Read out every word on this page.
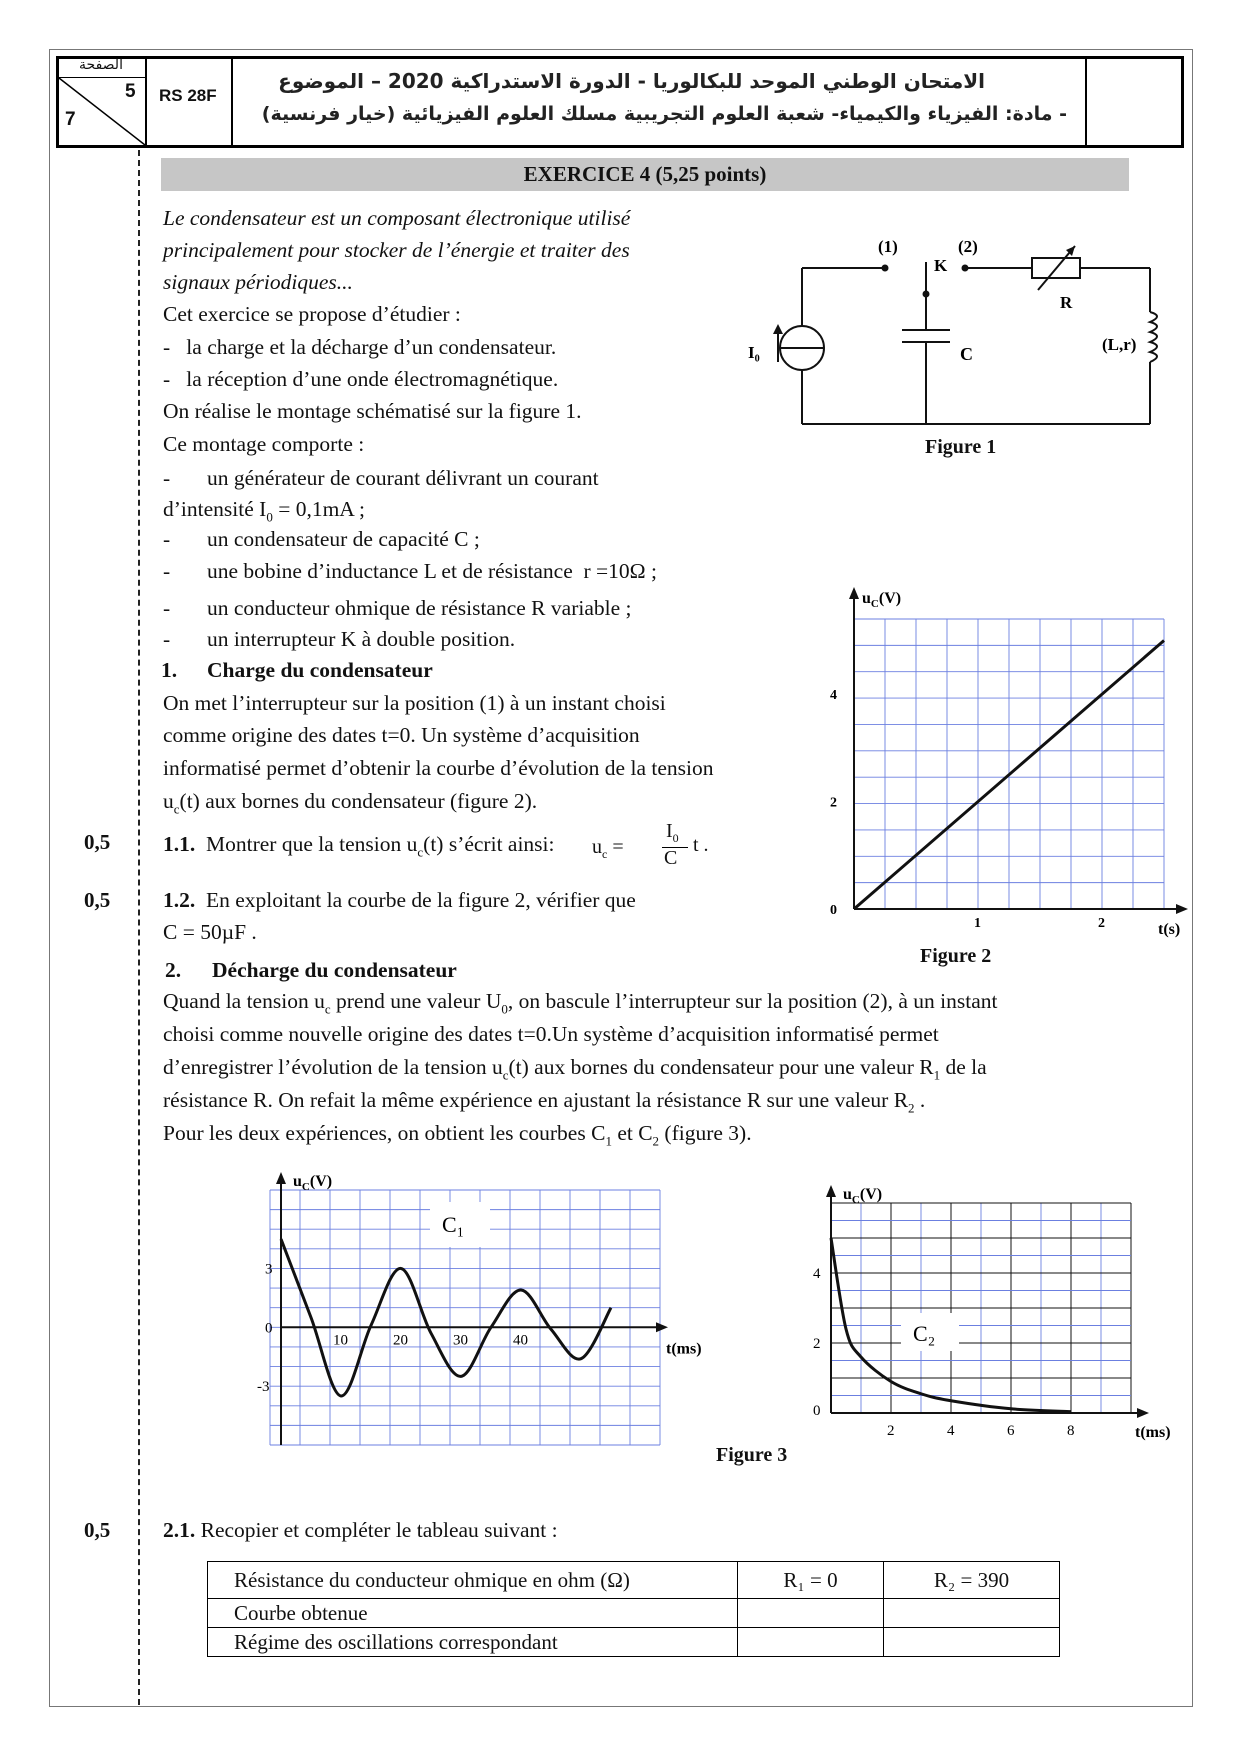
الصفحة
5
7
RS 28F
الامتحان الوطني الموحد للبكالوريا - الدورة الاستدراكية 2020 – الموضوع
- مادة: الفيزياء والكيمياء- شعبة العلوم التجريبية مسلك العلوم الفيزيائية (خيار فرنسية)
EXERCICE 4 (5,25 points)
Le condensateur est un composant électronique utilisé
principalement pour stocker de l’énergie et traiter des
signaux périodiques...
Cet exercice se propose d’étudier :
-   la charge et la décharge d’un condensateur.
-   la réception d’une onde électromagnétique.
On réalise le montage schématisé sur la figure 1.
Ce montage comporte :
- un générateur de courant délivrant un courant
d’intensité $I_0 = 0,1mA$ ;
- un condensateur de capacité C ;
- une bobine d’inductance L et de résistance r =10Ω ;
- un conducteur ohmique de résistance R variable ;
- un interrupteur K à double position.
1. Charge du condensateur
On met l’interrupteur sur la position (1) à un instant choisi
comme origine des dates t=0. Un système d’acquisition
informatisé permet d’obtenir la courbe d’évolution de la tension
$u_c(t)$ aux bornes du condensateur (figure 2).
0,5 1.1. Montrer que la tension $u_c(t)$ s’écrit ainsi: $u_c$ =
$I_0$
C
t .
0,5 1.2. En exploitant la courbe de la figure 2, vérifier que
C = 50µF .
2. Décharge du condensateur
Quand la tension $u_c$ prend une valeur $U_0$, on bascule l’interrupteur sur la position (2), à un instant
choisi comme nouvelle origine des dates t=0.Un système d’acquisition informatisé permet
d’enregistrer l’évolution de la tension $u_c(t)$ aux bornes du condensateur pour une valeur $R_1$ de la
résistance R. On refait la même expérience en ajustant la résistance R sur une valeur $R_2$ .
Pour les deux expériences, on obtient les courbes $C_1$ et $C_2$ (figure 3).
(1)	(2)
K
R
(L,r)
C
I₀
Figure 1
$u_C(V)$
1	2
0
2
4
t(s)
Figure 2
C₁
$u_C(V)$
10	20	30	40
3
0
-3
t(ms)
C₂
$u_C(V)$
2	4	6	8
0
2
4
t(ms)
Figure 3
0,5 2.1. Recopier et compléter le tableau suivant :
Résistance du conducteur ohmique en ohm (Ω)	R₁ = 0	R₂ = 390
Courbe obtenue		
Régime des oscillations correspondant		
